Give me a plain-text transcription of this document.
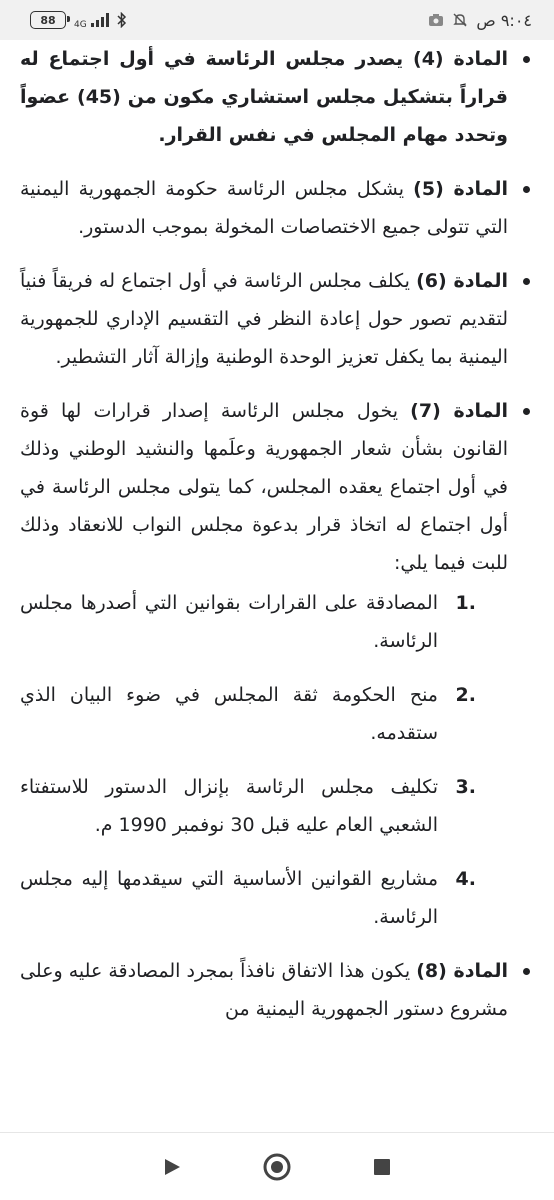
88 4G	٩:٠٤ ص
المادة (4) يصدر مجلس الرئاسة في أول اجتماع له قراراً بتشكيل مجلس استشاري مكون من (45) عضواً وتحدد مهام المجلس في نفس القرار.
المادة (5) يشكل مجلس الرئاسة حكومة الجمهورية اليمنية التي تتولى جميع الاختصاصات المخولة بموجب الدستور.
المادة (6) يكلف مجلس الرئاسة في أول اجتماع له فريقاً فنياً لتقديم تصور حول إعادة النظر في التقسيم الإداري للجمهورية اليمنية بما يكفل تعزيز الوحدة الوطنية وإزالة آثار التشطير.
المادة (7) يخول مجلس الرئاسة إصدار قرارات لها قوة القانون بشأن شعار الجمهورية وعلَمها والنشيد الوطني وذلك في أول اجتماع يعقده المجلس، كما يتولى مجلس الرئاسة في أول اجتماع له اتخاذ قرار بدعوة مجلس النواب للانعقاد وذلك للبت فيما يلي:
1.
المصادقة على القرارات بقوانين التي أصدرها مجلس الرئاسة.
2.
منح الحكومة ثقة المجلس في ضوء البيان الذي ستقدمه.
3.
تكليف مجلس الرئاسة بإنزال الدستور للاستفتاء الشعبي العام عليه قبل 30 نوفمبر 1990 م.
4.
مشاريع القوانين الأساسية التي سيقدمها إليه مجلس الرئاسة.
المادة (8) يكون هذا الاتفاق نافذاً بمجرد المصادقة عليه وعلى مشروع دستور الجمهورية اليمنية من
